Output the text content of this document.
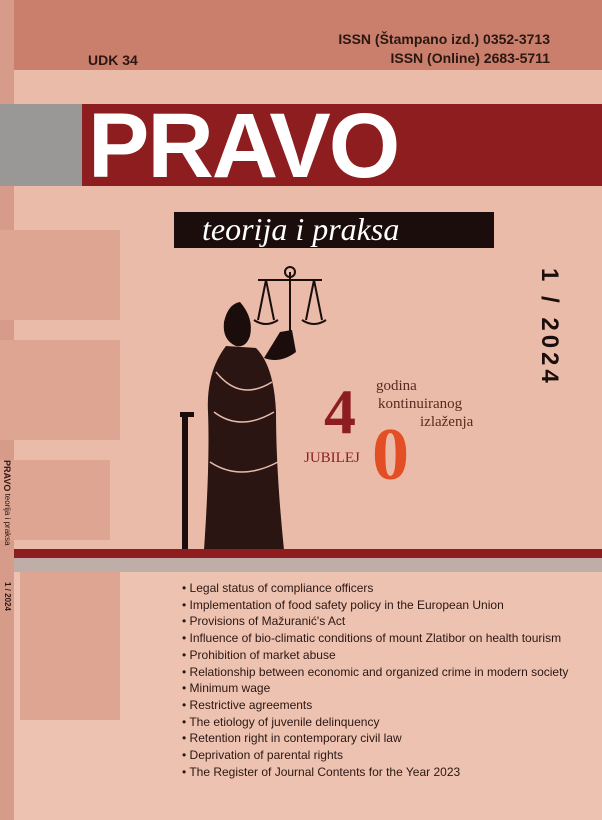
UDK 34
ISSN (Štampano izd.) 0352-3713
ISSN (Online) 2683-5711
PRAVO
teorija i praksa
1 / 2024
4
0
godina
kontinuiranog
izlaženja
JUBILEJ
PRAVO teorija i praksa
1 / 2024
•	Legal status of compliance officers
• Implementation of food safety policy in the European Union
• Provisions of Mažuranić's Act
• Influence of bio-climatic conditions of mount Zlatibor on health tourism
• Prohibition of market abuse
• Relationship between economic and organized crime in modern society
• Minimum wage
• Restrictive agreements
• The etiology of juvenile delinquency
• Retention right in contemporary civil law
• Deprivation of parental rights
• The Register of Journal Contents for the Year 2023
